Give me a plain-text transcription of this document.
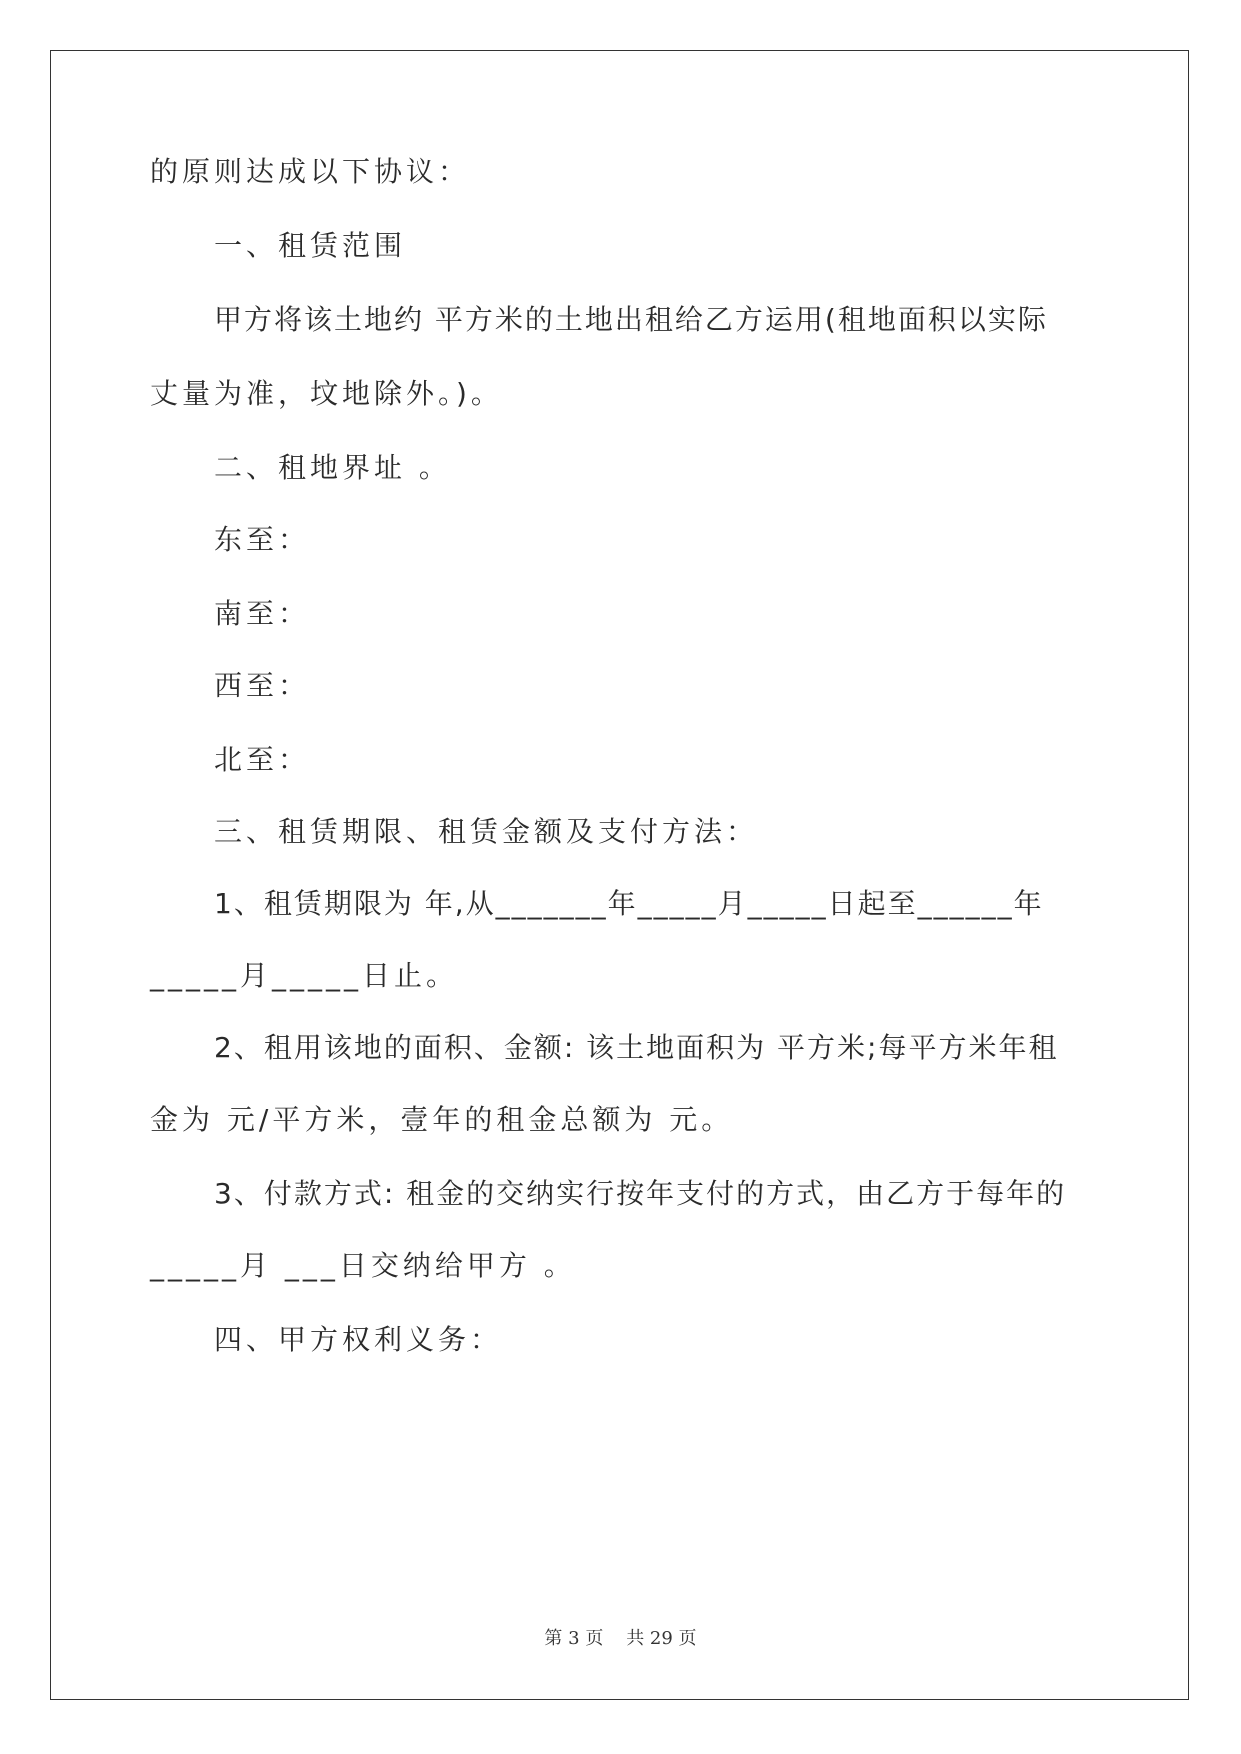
的原则达成以下协议：
一、租赁范围
甲方将该土地约 平方米的土地出租给乙方运用(租地面积以实际
丈量为准，坟地除外。)。
二、租地界址 。
东至：
南至：
西至：
北至：
三、租赁期限、租赁金额及支付方法：
1、租赁期限为 年,从_______年_____月_____日起至______年
_____月_____日止。
2、租用该地的面积、金额: 该土地面积为 平方米;每平方米年租
金为 元/平方米，壹年的租金总额为 元。
3、付款方式: 租金的交纳实行按年支付的方式，由乙方于每年的
_____月 ___日交纳给甲方 。
四、甲方权利义务：
第 3 页    共 29 页
